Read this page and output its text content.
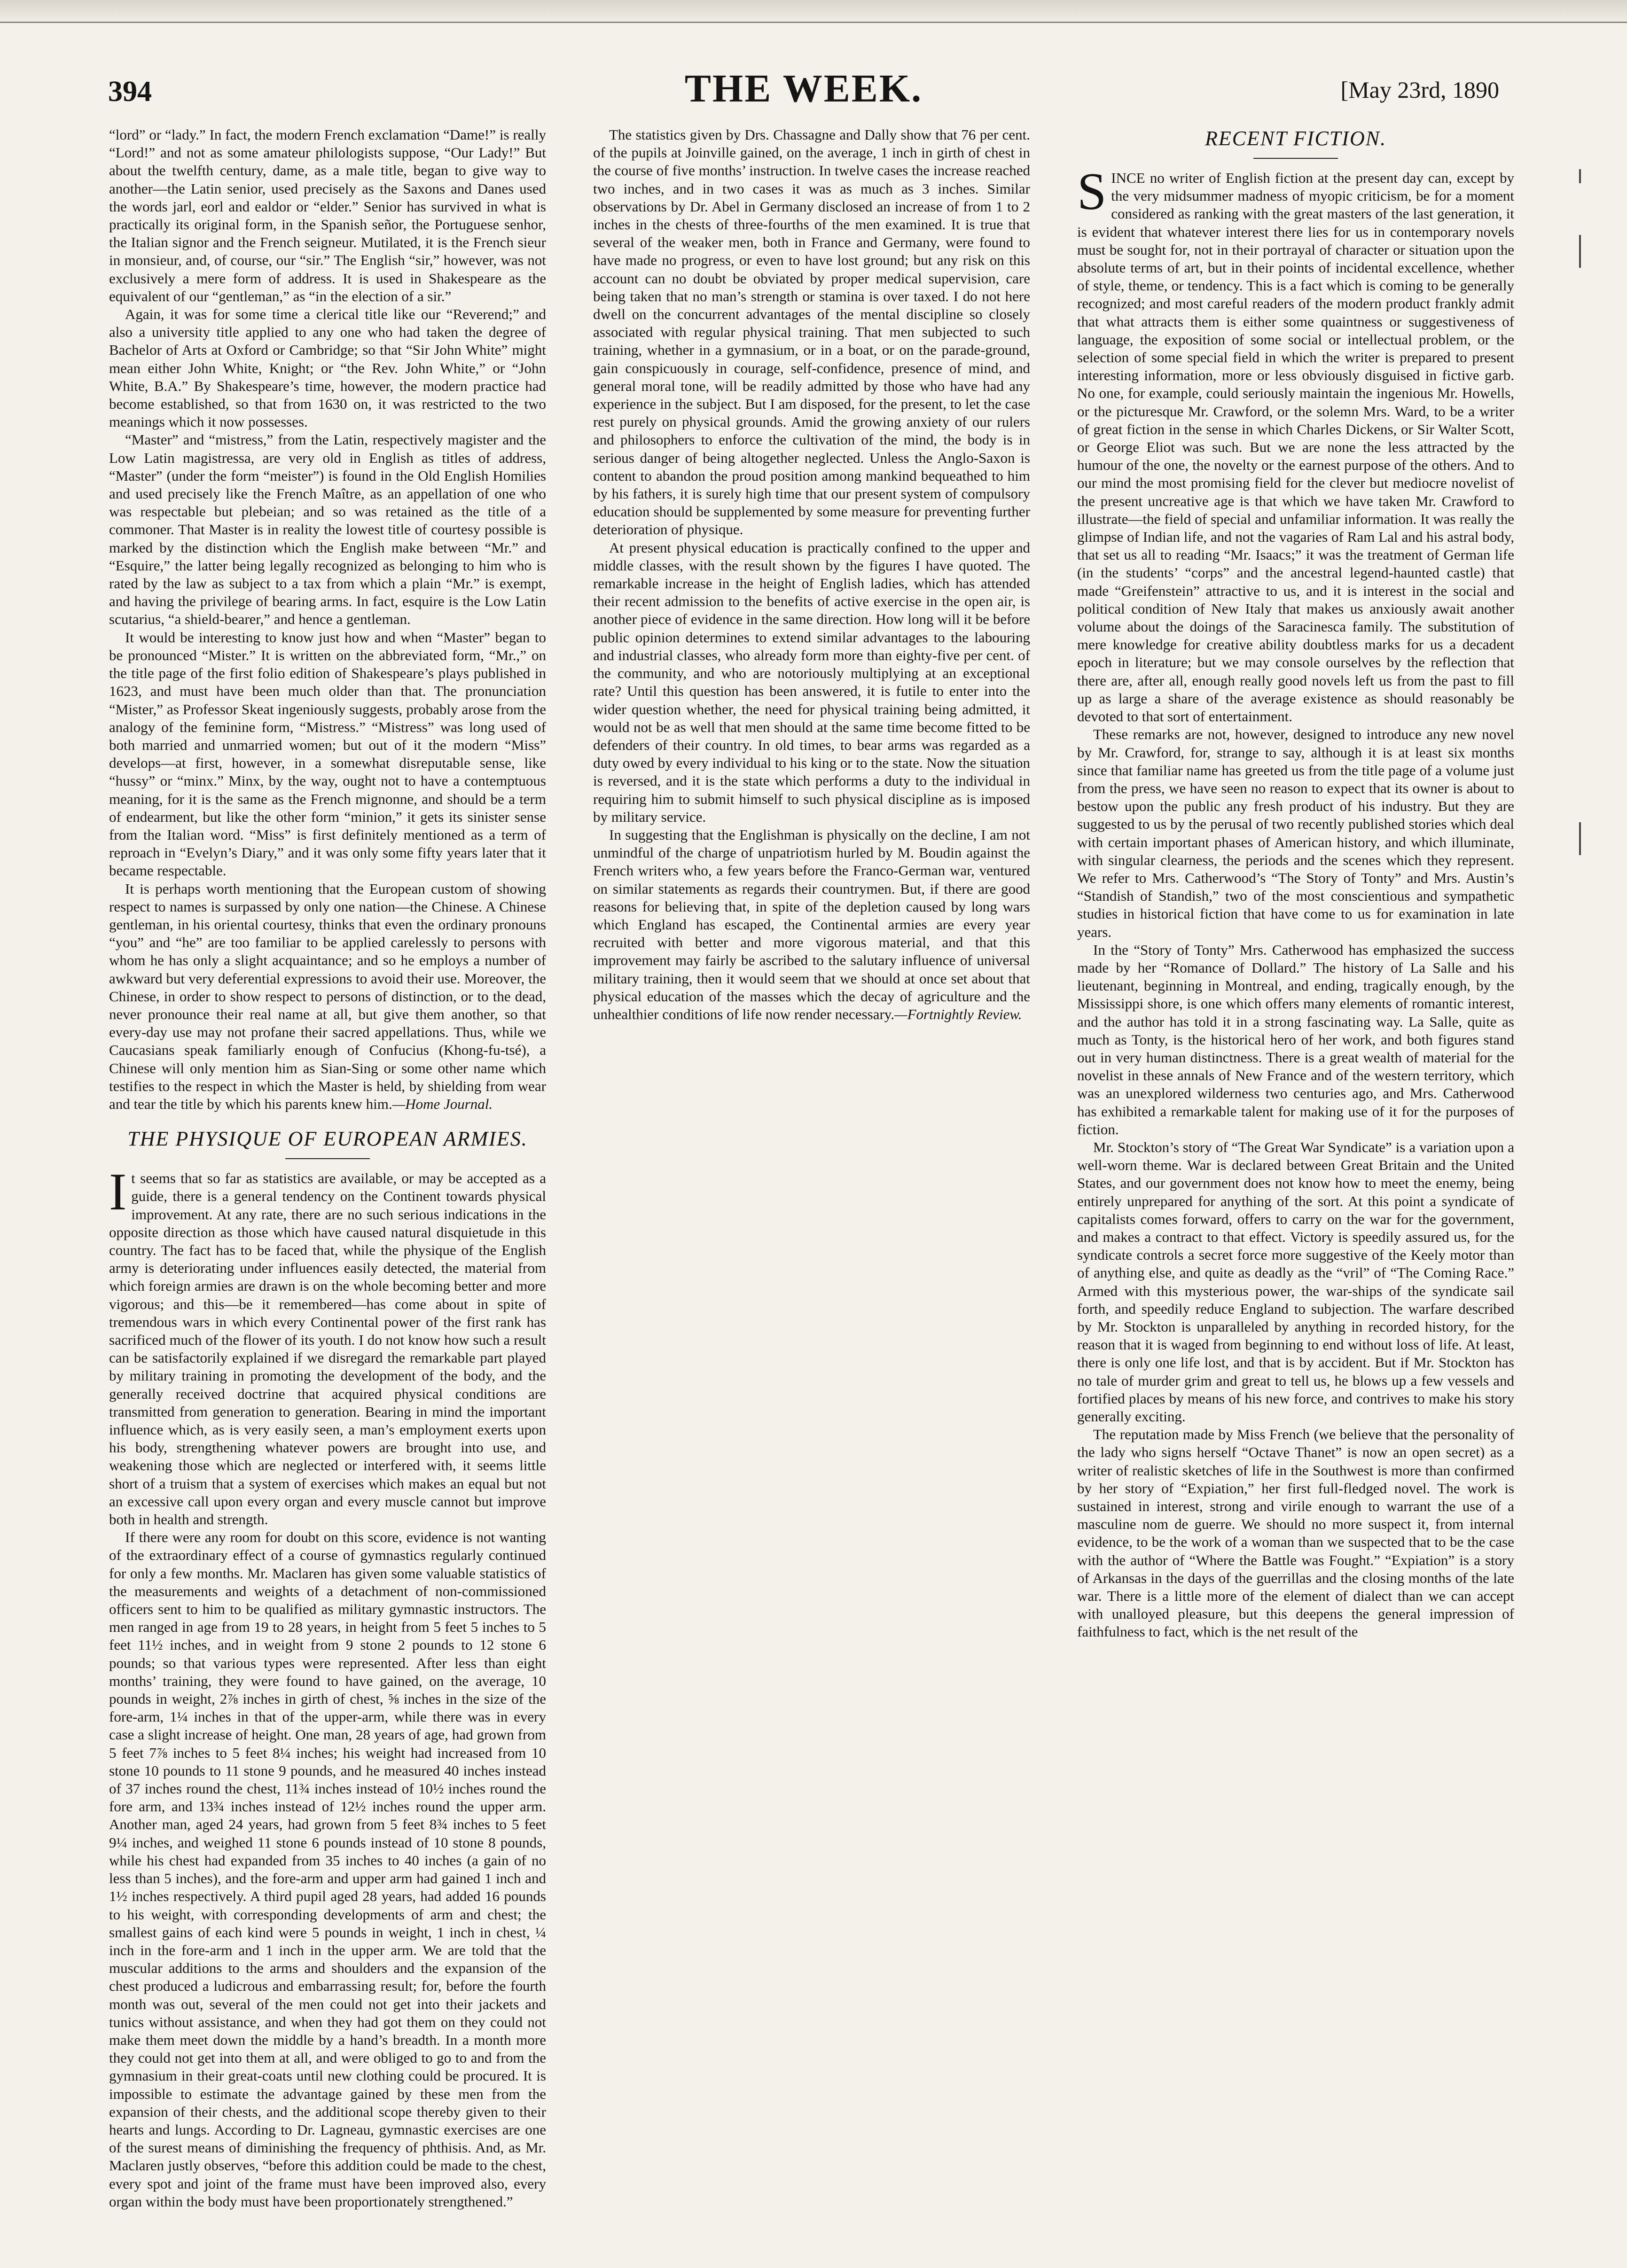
394	THE WEEK.	[May 23rd, 1890

“lord” or “lady.” In fact, the modern French exclamation “Dame!” is really “Lord!” and not as some amateur philologists suppose, “Our Lady!” But about the twelfth century, dame, as a male title, began to give way to another—the Latin senior, used precisely as the Saxons and Danes used the words jarl, eorl and ealdor or “elder.” Senior has survived in what is practically its original form, in the Spanish señor, the Portuguese senhor, the Italian signor and the French seigneur. Mutilated, it is the French sieur in monsieur, and, of course, our “sir.” The English “sir,” however, was not exclusively a mere form of address. It is used in Shakespeare as the equivalent of our “gentleman,” as “in the election of a sir.”

Again, it was for some time a clerical title like our “Reverend;” and also a university title applied to any one who had taken the degree of Bachelor of Arts at Oxford or Cambridge; so that “Sir John White” might mean either John White, Knight; or “the Rev. John White,” or “John White, B.A.” By Shakespeare’s time, however, the modern practice had become established, so that from 1630 on, it was restricted to the two meanings which it now possesses.

“Master” and “mistress,” from the Latin, respectively magister and the Low Latin magistressa, are very old in English as titles of address, “Master” (under the form “meister”) is found in the Old English Homilies and used precisely like the French Maître, as an appellation of one who was respectable but plebeian; and so was retained as the title of a commoner. That Master is in reality the lowest title of courtesy possible is marked by the distinction which the English make between “Mr.” and “Esquire,” the latter being legally recognized as belonging to him who is rated by the law as subject to a tax from which a plain “Mr.” is exempt, and having the privilege of bearing arms. In fact, esquire is the Low Latin scutarius, “a shield-bearer,” and hence a gentleman.

It would be interesting to know just how and when “Master” began to be pronounced “Mister.” It is written on the abbreviated form, “Mr.,” on the title page of the first folio edition of Shakespeare’s plays published in 1623, and must have been much older than that. The pronunciation “Mister,” as Professor Skeat ingeniously suggests, probably arose from the analogy of the feminine form, “Mistress.” “Mistress” was long used of both married and unmarried women; but out of it the modern “Miss” develops—at first, however, in a somewhat disreputable sense, like “hussy” or “minx.” Minx, by the way, ought not to have a contemptuous meaning, for it is the same as the French mignonne, and should be a term of endearment, but like the other form “minion,” it gets its sinister sense from the Italian word. “Miss” is first definitely mentioned as a term of reproach in “Evelyn’s Diary,” and it was only some fifty years later that it became respectable.

It is perhaps worth mentioning that the European custom of showing respect to names is surpassed by only one nation—the Chinese. A Chinese gentleman, in his oriental courtesy, thinks that even the ordinary pronouns “you” and “he” are too familiar to be applied carelessly to persons with whom he has only a slight acquaintance; and so he employs a number of awkward but very deferential expressions to avoid their use. Moreover, the Chinese, in order to show respect to persons of distinction, or to the dead, never pronounce their real name at all, but give them another, so that every-day use may not profane their sacred appellations. Thus, while we Caucasians speak familiarly enough of Confucius (Khong-fu-tsé), a Chinese will only mention him as Sian-Sing or some other name which testifies to the respect in which the Master is held, by shielding from wear and tear the title by which his parents knew him.—Home Journal.

THE PHYSIQUE OF EUROPEAN ARMIES.

It seems that so far as statistics are available, or may be accepted as a guide, there is a general tendency on the Continent towards physical improvement. At any rate, there are no such serious indications in the opposite direction as those which have caused natural disquietude in this country. The fact has to be faced that, while the physique of the English army is deteriorating under influences easily detected, the material from which foreign armies are drawn is on the whole becoming better and more vigorous; and this—be it remembered—has come about in spite of tremendous wars in which every Continental power of the first rank has sacrificed much of the flower of its youth. I do not know how such a result can be satisfactorily explained if we disregard the remarkable part played by military training in promoting the development of the body, and the generally received doctrine that acquired physical conditions are transmitted from generation to generation. Bearing in mind the important influence which, as is very easily seen, a man’s employment exerts upon his body, strengthening whatever powers are brought into use, and weakening those which are neglected or interfered with, it seems little short of a truism that a system of exercises which makes an equal but not an excessive call upon every organ and every muscle cannot but improve both in health and strength.

If there were any room for doubt on this score, evidence is not wanting of the extraordinary effect of a course of gymnastics regularly continued for only a few months. Mr. Maclaren has given some valuable statistics of the measurements and weights of a detachment of non-commissioned officers sent to him to be qualified as military gymnastic instructors. The men ranged in age from 19 to 28 years, in height from 5 feet 5 inches to 5 feet 11½ inches, and in weight from 9 stone 2 pounds to 12 stone 6 pounds; so that various types were represented. After less than eight months’ training, they were found to have gained, on the average, 10 pounds in weight, 2⅞ inches in girth of chest, ⅝ inches in the size of the fore-arm, 1¼ inches in that of the upper-arm, while there was in every case a slight increase of height. One man, 28 years of age, had grown from 5 feet 7⅞ inches to 5 feet 8¼ inches; his weight had increased from 10 stone 10 pounds to 11 stone 9 pounds, and he measured 40 inches instead of 37 inches round the chest, 11¾ inches instead of 10½ inches round the fore arm, and 13¾ inches instead of 12½ inches round the upper arm. Another man, aged 24 years, had grown from 5 feet 8¾ inches to 5 feet 9¼ inches, and weighed 11 stone 6 pounds instead of 10 stone 8 pounds, while his chest had expanded from 35 inches to 40 inches (a gain of no less than 5 inches), and the fore-arm and upper arm had gained 1 inch and 1½ inches respectively. A third pupil aged 28 years, had added 16 pounds to his weight, with corresponding developments of arm and chest; the smallest gains of each kind were 5 pounds in weight, 1 inch in chest, ¼ inch in the fore-arm and 1 inch in the upper arm. We are told that the muscular additions to the arms and shoulders and the expansion of the chest produced a ludicrous and embarrassing result; for, before the fourth month was out, several of the men could not get into their jackets and tunics without assistance, and when they had got them on they could not make them meet down the middle by a hand’s breadth. In a month more they could not get into them at all, and were obliged to go to and from the gymnasium in their great-coats until new clothing could be procured. It is impossible to estimate the advantage gained by these men from the expansion of their chests, and the additional scope thereby given to their hearts and lungs. According to Dr. Lagneau, gymnastic exercises are one of the surest means of diminishing the frequency of phthisis. And, as Mr. Maclaren justly observes, “before this addition could be made to the chest, every spot and joint of the frame must have been improved also, every organ within the body must have been proportionately strengthened.”

The statistics given by Drs. Chassagne and Dally show that 76 per cent. of the pupils at Joinville gained, on the average, 1 inch in girth of chest in the course of five months’ instruction. In twelve cases the increase reached two inches, and in two cases it was as much as 3 inches. Similar observations by Dr. Abel in Germany disclosed an increase of from 1 to 2 inches in the chests of three-fourths of the men examined. It is true that several of the weaker men, both in France and Germany, were found to have made no progress, or even to have lost ground; but any risk on this account can no doubt be obviated by proper medical supervision, care being taken that no man’s strength or stamina is over taxed. I do not here dwell on the concurrent advantages of the mental discipline so closely associated with regular physical training. That men subjected to such training, whether in a gymnasium, or in a boat, or on the parade-ground, gain conspicuously in courage, self-confidence, presence of mind, and general moral tone, will be readily admitted by those who have had any experience in the subject. But I am disposed, for the present, to let the case rest purely on physical grounds. Amid the growing anxiety of our rulers and philosophers to enforce the cultivation of the mind, the body is in serious danger of being altogether neglected. Unless the Anglo-Saxon is content to abandon the proud position among mankind bequeathed to him by his fathers, it is surely high time that our present system of compulsory education should be supplemented by some measure for preventing further deterioration of physique.

At present physical education is practically confined to the upper and middle classes, with the result shown by the figures I have quoted. The remarkable increase in the height of English ladies, which has attended their recent admission to the benefits of active exercise in the open air, is another piece of evidence in the same direction. How long will it be before public opinion determines to extend similar advantages to the labouring and industrial classes, who already form more than eighty-five per cent. of the community, and who are notoriously multiplying at an exceptional rate? Until this question has been answered, it is futile to enter into the wider question whether, the need for physical training being admitted, it would not be as well that men should at the same time become fitted to be defenders of their country. In old times, to bear arms was regarded as a duty owed by every individual to his king or to the state. Now the situation is reversed, and it is the state which performs a duty to the individual in requiring him to submit himself to such physical discipline as is imposed by military service.

In suggesting that the Englishman is physically on the decline, I am not unmindful of the charge of unpatriotism hurled by M. Boudin against the French writers who, a few years before the Franco-German war, ventured on similar statements as regards their countrymen. But, if there are good reasons for believing that, in spite of the depletion caused by long wars which England has escaped, the Continental armies are every year recruited with better and more vigorous material, and that this improvement may fairly be ascribed to the salutary influence of universal military training, then it would seem that we should at once set about that physical education of the masses which the decay of agriculture and the unhealthier conditions of life now render necessary.—Fortnightly Review.

RECENT FICTION.

SINCE no writer of English fiction at the present day can, except by the very midsummer madness of myopic criticism, be for a moment considered as ranking with the great masters of the last generation, it is evident that whatever interest there lies for us in contemporary novels must be sought for, not in their portrayal of character or situation upon the absolute terms of art, but in their points of incidental excellence, whether of style, theme, or tendency. This is a fact which is coming to be generally recognized; and most careful readers of the modern product frankly admit that what attracts them is either some quaintness or suggestiveness of language, the exposition of some social or intellectual problem, or the selection of some special field in which the writer is prepared to present interesting information, more or less obviously disguised in fictive garb. No one, for example, could seriously maintain the ingenious Mr. Howells, or the picturesque Mr. Crawford, or the solemn Mrs. Ward, to be a writer of great fiction in the sense in which Charles Dickens, or Sir Walter Scott, or George Eliot was such. But we are none the less attracted by the humour of the one, the novelty or the earnest purpose of the others. And to our mind the most promising field for the clever but mediocre novelist of the present uncreative age is that which we have taken Mr. Crawford to illustrate—the field of special and unfamiliar information. It was really the glimpse of Indian life, and not the vagaries of Ram Lal and his astral body, that set us all to reading “Mr. Isaacs;” it was the treatment of German life (in the students’ “corps” and the ancestral legend-haunted castle) that made “Greifenstein” attractive to us, and it is interest in the social and political condition of New Italy that makes us anxiously await another volume about the doings of the Saracinesca family. The substitution of mere knowledge for creative ability doubtless marks for us a decadent epoch in literature; but we may console ourselves by the reflection that there are, after all, enough really good novels left us from the past to fill up as large a share of the average existence as should reasonably be devoted to that sort of entertainment.

These remarks are not, however, designed to introduce any new novel by Mr. Crawford, for, strange to say, although it is at least six months since that familiar name has greeted us from the title page of a volume just from the press, we have seen no reason to expect that its owner is about to bestow upon the public any fresh product of his industry. But they are suggested to us by the perusal of two recently published stories which deal with certain important phases of American history, and which illuminate, with singular clearness, the periods and the scenes which they represent. We refer to Mrs. Catherwood’s “The Story of Tonty” and Mrs. Austin’s “Standish of Standish,” two of the most conscientious and sympathetic studies in historical fiction that have come to us for examination in late years.

In the “Story of Tonty” Mrs. Catherwood has emphasized the success made by her “Romance of Dollard.” The history of La Salle and his lieutenant, beginning in Montreal, and ending, tragically enough, by the Mississippi shore, is one which offers many elements of romantic interest, and the author has told it in a strong fascinating way. La Salle, quite as much as Tonty, is the historical hero of her work, and both figures stand out in very human distinctness. There is a great wealth of material for the novelist in these annals of New France and of the western territory, which was an unexplored wilderness two centuries ago, and Mrs. Catherwood has exhibited a remarkable talent for making use of it for the purposes of fiction.

Mr. Stockton’s story of “The Great War Syndicate” is a variation upon a well-worn theme. War is declared between Great Britain and the United States, and our government does not know how to meet the enemy, being entirely unprepared for anything of the sort. At this point a syndicate of capitalists comes forward, offers to carry on the war for the government, and makes a contract to that effect. Victory is speedily assured us, for the syndicate controls a secret force more suggestive of the Keely motor than of anything else, and quite as deadly as the “vril” of “The Coming Race.” Armed with this mysterious power, the war-ships of the syndicate sail forth, and speedily reduce England to subjection. The warfare described by Mr. Stockton is unparalleled by anything in recorded history, for the reason that it is waged from beginning to end without loss of life. At least, there is only one life lost, and that is by accident. But if Mr. Stockton has no tale of murder grim and great to tell us, he blows up a few vessels and fortified places by means of his new force, and contrives to make his story generally exciting.

The reputation made by Miss French (we believe that the personality of the lady who signs herself “Octave Thanet” is now an open secret) as a writer of realistic sketches of life in the Southwest is more than confirmed by her story of “Expiation,” her first full-fledged novel. The work is sustained in interest, strong and virile enough to warrant the use of a masculine nom de guerre. We should no more suspect it, from internal evidence, to be the work of a woman than we suspected that to be the case with the author of “Where the Battle was Fought.” “Expiation” is a story of Arkansas in the days of the guerrillas and the closing months of the late war. There is a little more of the element of dialect than we can accept with unalloyed pleasure, but this deepens the general impression of faithfulness to fact, which is the net result of the
